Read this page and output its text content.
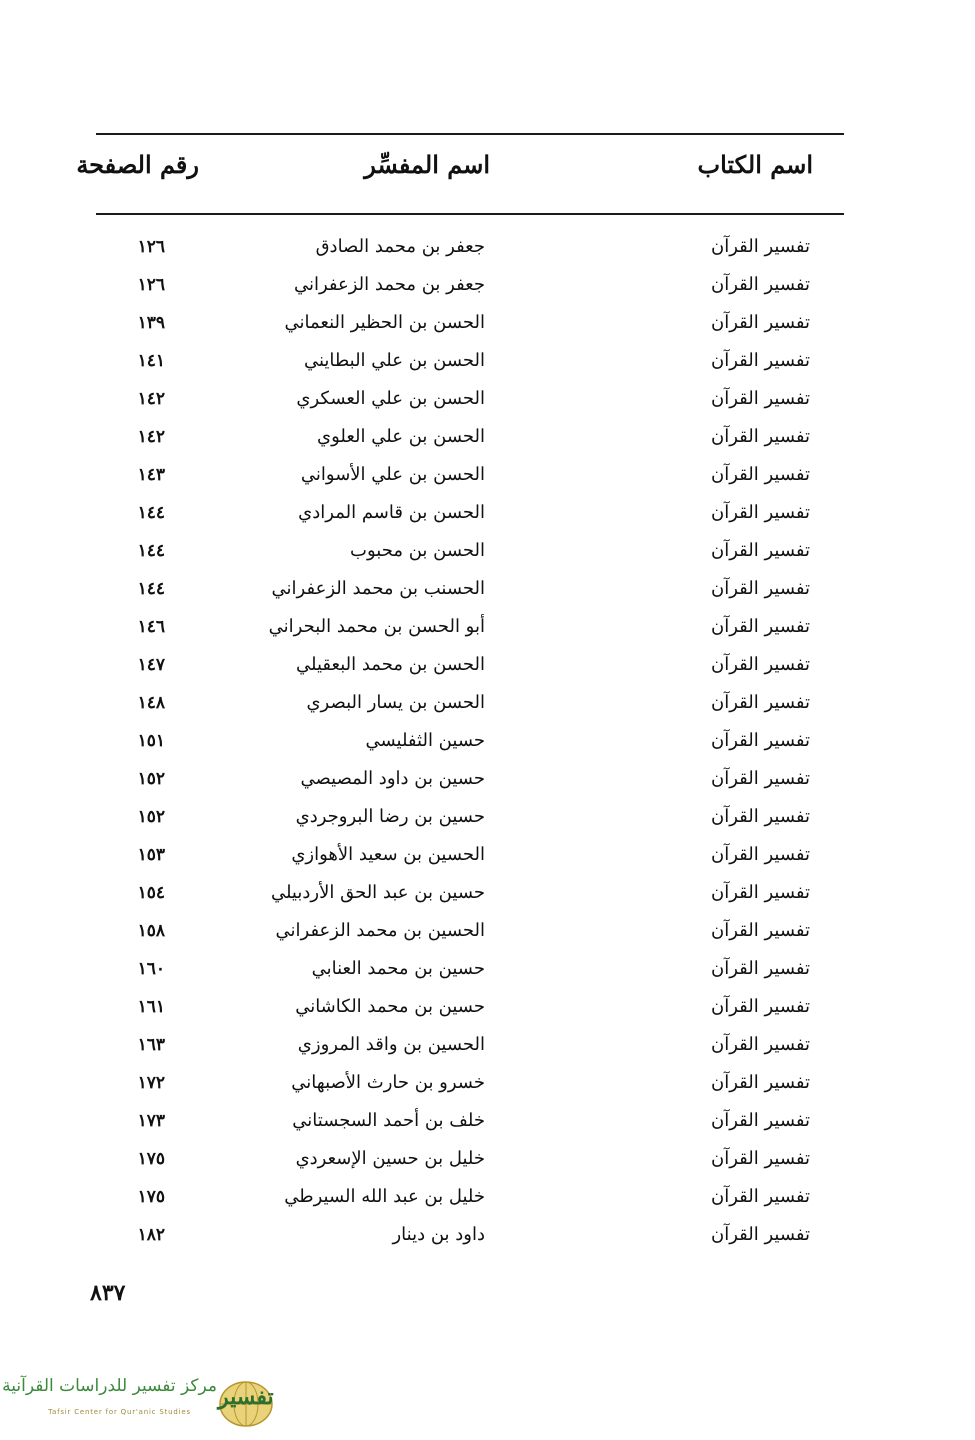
اسم الكتاب
اسم المفسِّر
رقم الصفحة
تفسير القرآن
جعفر بن محمد الصادق
١٢٦
تفسير القرآن
جعفر بن محمد الزعفراني
١٢٦
تفسير القرآن
الحسن بن الحظير النعماني
١٣٩
تفسير القرآن
الحسن بن علي البطايني
١٤١
تفسير القرآن
الحسن بن علي العسكري
١٤٢
تفسير القرآن
الحسن بن علي العلوي
١٤٢
تفسير القرآن
الحسن بن علي الأسواني
١٤٣
تفسير القرآن
الحسن بن قاسم المرادي
١٤٤
تفسير القرآن
الحسن بن محبوب
١٤٤
تفسير القرآن
الحسنب بن محمد الزعفراني
١٤٤
تفسير القرآن
أبو الحسن بن محمد البحراني
١٤٦
تفسير القرآن
الحسن بن محمد البعقيلي
١٤٧
تفسير القرآن
الحسن بن يسار البصري
١٤٨
تفسير القرآن
حسين الثفليسي
١٥١
تفسير القرآن
حسين بن داود المصيصي
١٥٢
تفسير القرآن
حسين بن رضا البروجردي
١٥٢
تفسير القرآن
الحسين بن سعيد الأهوازي
١٥٣
تفسير القرآن
حسين بن عبد الحق الأردبيلي
١٥٤
تفسير القرآن
الحسين بن محمد الزعفراني
١٥٨
تفسير القرآن
حسين بن محمد العنابي
١٦٠
تفسير القرآن
حسين بن محمد الكاشاني
١٦١
تفسير القرآن
الحسين بن واقد المروزي
١٦٣
تفسير القرآن
خسرو بن حارث الأصبهاني
١٧٢
تفسير القرآن
خلف بن أحمد السجستاني
١٧٣
تفسير القرآن
خليل بن حسين الإسعردي
١٧٥
تفسير القرآن
خليل بن عبد الله السيرطي
١٧٥
تفسير القرآن
داود بن دينار
١٨٢
٨٣٧
تفسير
مركز تفسير للدراسات القرآنية
Tafsir Center for Qur'anic Studies
